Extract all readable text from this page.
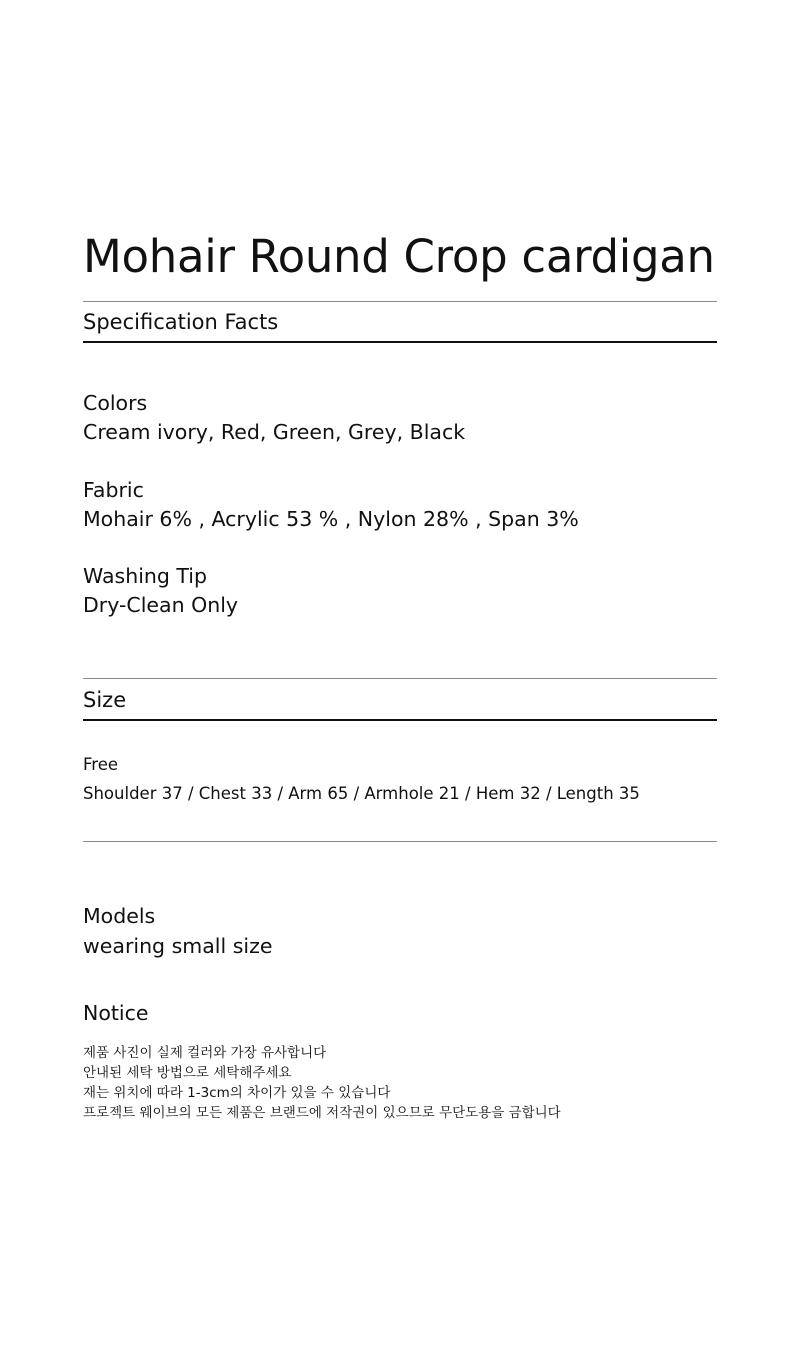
Mohair Round Crop cardigan
Specification Facts
Colors
Cream ivory, Red, Green, Grey, Black
Fabric
Mohair 6% , Acrylic 53 % , Nylon 28% , Span 3%
Washing Tip
Dry-Clean Only
Size
Free
Shoulder 37 / Chest 33 / Arm 65 / Armhole 21 / Hem 32 / Length 35
Models
wearing small size
Notice
제품 사진이 실제 컬러와 가장 유사합니다
안내된 세탁 방법으로 세탁해주세요
재는 위치에 따라 1-3cm의 차이가 있을 수 있습니다
프로젝트 웨이브의 모든 제품은 브랜드에 저작권이 있으므로 무단도용을 금합니다
